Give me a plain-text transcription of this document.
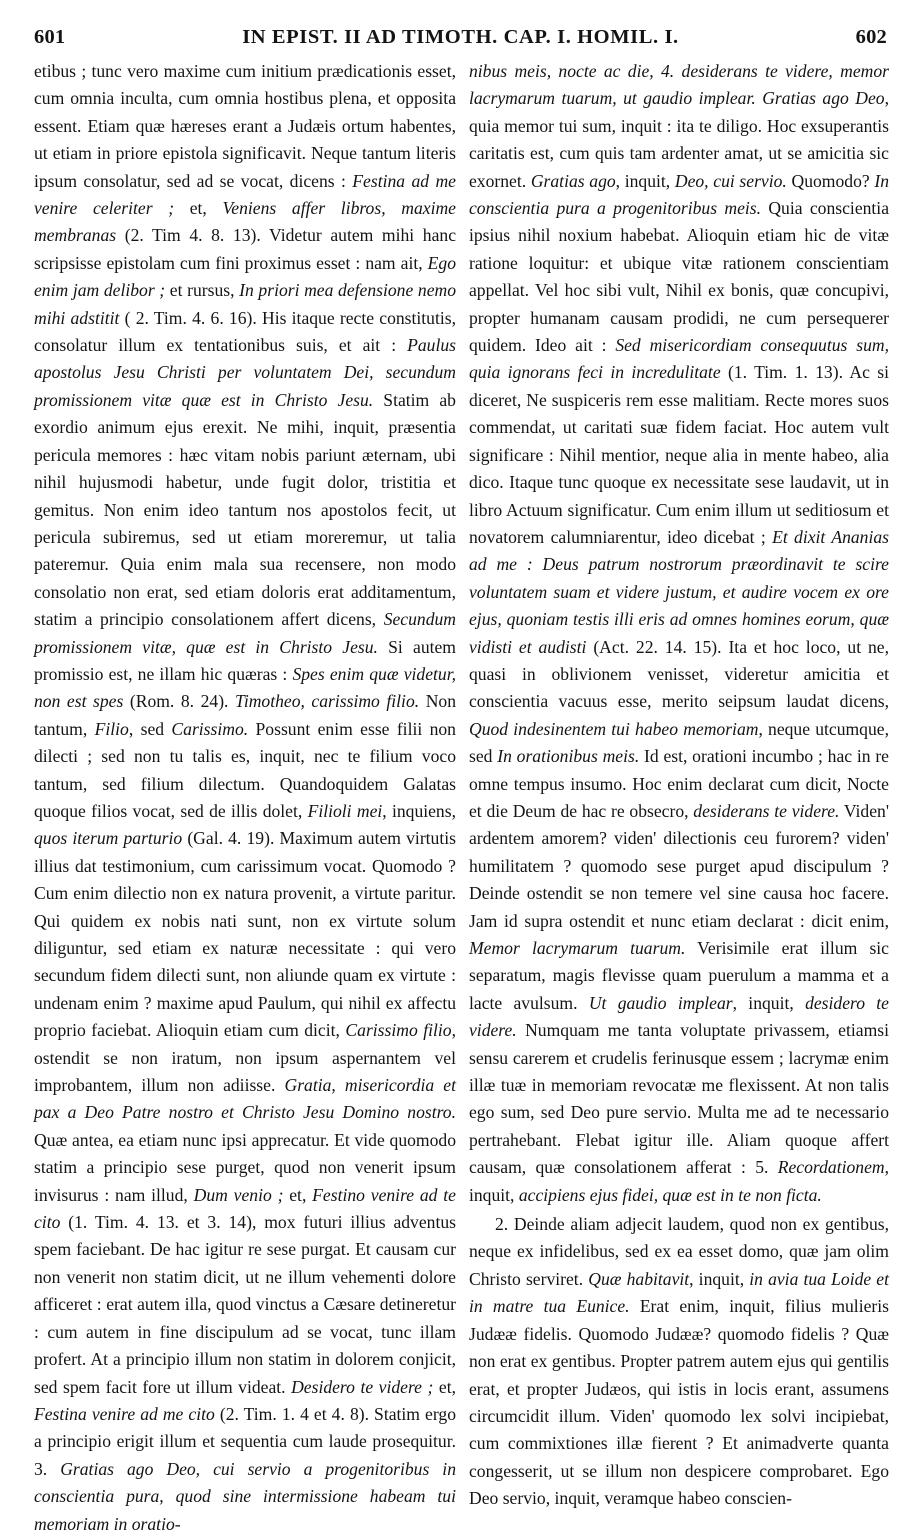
601	IN EPIST. II AD TIMOTH. CAP. I. HOMIL. I.	602

etibus ; tunc vero maxime cum initium prædicationis esset, cum omnia inculta, cum omnia hostibus plena, et opposita essent. Etiam quæ hæreses erant a Judæis ortum habentes, ut etiam in priore epistola significavit. Neque tantum literis ipsum consolatur, sed ad se vocat, dicens : Festina ad me venire celeriter ; et, Veniens affer libros, maxime membranas (2. Tim 4. 8. 13). Videtur autem mihi hanc scripsisse epistolam cum fini proximus esset : nam ait, Ego enim jam delibor ; et rursus, In priori mea defensione nemo mihi adstitit ( 2. Tim. 4. 6. 16). His itaque recte constitutis, consolatur illum ex tentationibus suis, et ait : Paulus apostolus Jesu Christi per voluntatem Dei, secundum promissionem vitæ quæ est in Christo Jesu. Statim ab exordio animum ejus erexit. Ne mihi, inquit, præsentia pericula memores : hæc vitam nobis pariunt æternam, ubi nihil hujusmodi habetur, unde fugit dolor, tristitia et gemitus. Non enim ideo tantum nos apostolos fecit, ut pericula subiremus, sed ut etiam moreremur, ut talia pateremur. Quia enim mala sua recensere, non modo consolatio non erat, sed etiam doloris erat additamentum, statim a principio consolationem affert dicens, Secundum promissionem vitæ, quæ est in Christo Jesu. Si autem promissio est, ne illam hic quæras : Spes enim quæ videtur, non est spes (Rom. 8. 24). Timotheo, carissimo filio. Non tantum, Filio, sed Carissimo. Possunt enim esse filii non dilecti ; sed non tu talis es, inquit, nec te filium voco tantum, sed filium dilectum. Quandoquidem Galatas quoque filios vocat, sed de illis dolet, Filioli mei, inquiens, quos iterum parturio (Gal. 4. 19). Maximum autem virtutis illius dat testimonium, cum carissimum vocat. Quomodo ? Cum enim dilectio non ex natura provenit, a virtute paritur. Qui quidem ex nobis nati sunt, non ex virtute solum diliguntur, sed etiam ex naturæ necessitate : qui vero secundum fidem dilecti sunt, non aliunde quam ex virtute : undenam enim ? maxime apud Paulum, qui nihil ex affectu proprio faciebat. Alioquin etiam cum dicit, Carissimo filio, ostendit se non iratum, non ipsum aspernantem vel improbantem, illum non adiisse. Gratia, misericordia et pax a Deo Patre nostro et Christo Jesu Domino nostro. Quæ antea, ea etiam nunc ipsi apprecatur. Et vide quomodo statim a principio sese purget, quod non venerit ipsum invisurus : nam illud, Dum venio ; et, Festino venire ad te cito (1. Tim. 4. 13. et 3. 14), mox futuri illius adventus spem faciebant. De hac igitur re sese purgat. Et causam cur non venerit non statim dicit, ut ne illum vehementi dolore afficeret : erat autem illa, quod vinctus a Cæsare detineretur : cum autem in fine discipulum ad se vocat, tunc illam profert. At a principio illum non statim in dolorem conjicit, sed spem facit fore ut illum videat. Desidero te videre ; et, Festina venire ad me cito (2. Tim. 1. 4 et 4. 8). Statim ergo a principio erigit illum et sequentia cum laude prosequitur. 3. Gratias ago Deo, cui servio a progenitoribus in conscientia pura, quod sine intermissione habeam tui memoriam in oratio-

nibus meis, nocte ac die, 4. desiderans te videre, memor lacrymarum tuarum, ut gaudio implear. Gratias ago Deo, quia memor tui sum, inquit : ita te diligo. Hoc exsuperantis caritatis est, cum quis tam ardenter amat, ut se amicitia sic exornet. Gratias ago, inquit, Deo, cui servio. Quomodo? In conscientia pura a progenitoribus meis. Quia conscientia ipsius nihil noxium habebat. Alioquin etiam hic de vitæ ratione loquitur: et ubique vitæ rationem conscientiam appellat. Vel hoc sibi vult, Nihil ex bonis, quæ concupivi, propter humanam causam prodidi, ne cum persequerer quidem. Ideo ait : Sed misericordiam consequutus sum, quia ignorans feci in incredulitate (1. Tim. 1. 13). Ac si diceret, Ne suspiceris rem esse malitiam. Recte mores suos commendat, ut caritati suæ fidem faciat. Hoc autem vult significare : Nihil mentior, neque alia in mente habeo, alia dico. Itaque tunc quoque ex necessitate sese laudavit, ut in libro Actuum significatur. Cum enim illum ut seditiosum et novatorem calumniarentur, ideo dicebat ; Et dixit Ananias ad me : Deus patrum nostrorum præordinavit te scire voluntatem suam et videre justum, et audire vocem ex ore ejus, quoniam testis illi eris ad omnes homines eorum, quæ vidisti et audisti (Act. 22. 14. 15). Ita et hoc loco, ut ne, quasi in oblivionem venisset, videretur amicitia et conscientia vacuus esse, merito seipsum laudat dicens, Quod indesinentem tui habeo memoriam, neque utcumque, sed In orationibus meis. Id est, orationi incumbo ; hac in re omne tempus insumo. Hoc enim declarat cum dicit, Nocte et die Deum de hac re obsecro, desiderans te videre. Viden' ardentem amorem? viden' dilectionis ceu furorem? viden' humilitatem ? quomodo sese purget apud discipulum ? Deinde ostendit se non temere vel sine causa hoc facere. Jam id supra ostendit et nunc etiam declarat : dicit enim, Memor lacrymarum tuarum. Verisimile erat illum sic separatum, magis flevisse quam puerulum a mamma et a lacte avulsum. Ut gaudio implear, inquit, desidero te videre. Numquam me tanta voluptate privassem, etiamsi sensu carerem et crudelis ferinusque essem ; lacrymæ enim illæ tuæ in memoriam revocatæ me flexissent. At non talis ego sum, sed Deo pure servio. Multa me ad te necessario pertrahebant. Flebat igitur ille. Aliam quoque affert causam, quæ consolationem afferat : 5. Recordationem, inquit, accipiens ejus fidei, quæ est in te non ficta.

2. Deinde aliam adjecit laudem, quod non ex gentibus, neque ex infidelibus, sed ex ea esset domo, quæ jam olim Christo serviret. Quæ habitavit, inquit, in avia tua Loide et in matre tua Eunice. Erat enim, inquit, filius mulieris Judææ fidelis. Quomodo Judææ? quomodo fidelis ? Quæ non erat ex gentibus. Propter patrem autem ejus qui gentilis erat, et propter Judæos, qui istis in locis erant, assumens circumcidit illum. Viden' quomodo lex solvi incipiebat, cum commixtiones illæ fierent ? Et animadverte quanta congesserit, ut se illum non despicere comprobaret. Ego Deo servio, inquit, veramque habeo conscien-
